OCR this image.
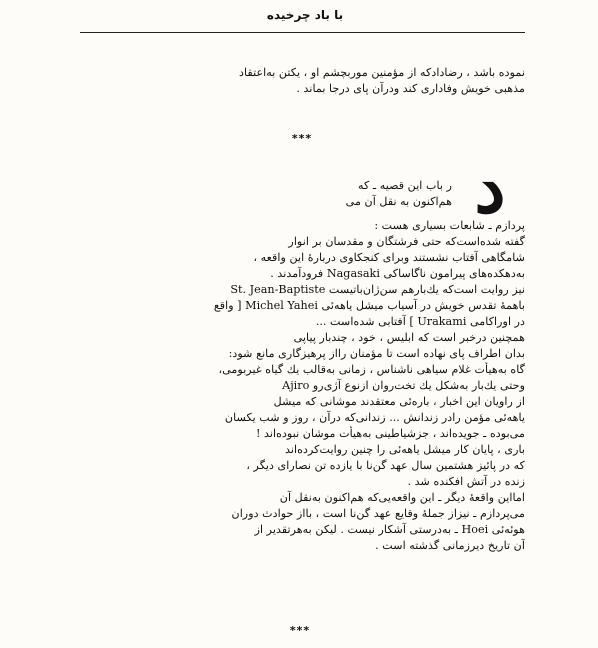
با باد چرخیده
نموده باشد ، رضادادکه از مؤمنین موربچشم او ، یکتن بەاعتقاد
مذهبی خویش وفاداری کند ودرآن پای درجا بماند .
***
د
ر باب این قصیه ـ که
هم‌اکنون به نقل آن می
پردازم ـ شابعات بسیاری هست :
گفته شده‌است‌که حتی فرشتگان و مقدسان بر انوار
شامگاهی آفتاب نشستند وبرای کنجکاوی دربارهٔ این واقعه ،
بەدهکده‌های پیرامون ناگاساکی Nagasaki فرودآمدند .
نیز روایت است‌که یك‌بارهم سن‌ژان‌باتیست St. Jean-Baptiste
باهمهٔ تقدس خویش در آسیاب میشل یاهەئی Michel Yahei [ واقع
در اوراکامی Urakami ] آفتابی شده‌است ...
همچنین درخبر است که ابلیس ، خود ، چندبار پیاپی
بدان اطراف پای نهاده است تا مؤمنان رااز پرهیزگاری مانع شود:
گاه بەهیأت غلام سیاهی ناشناس ، زمانی بەقالب یك گیاه غیربومی،
وحتی یك‌بار بەشکل یك تخت‌روان ازنوع آژی‌رو Ajiro
از راویان این اخبار ، بارەئی معتقدند موشانی که میشل
یاهەئی مؤمن رادر زندانش ... زندانی‌که درآن ، روز و شب یکسان
می‌بوده ـ جویده‌اند ، جزشیاطینی بەهیأت موشان نبوده‌اند !
باری ، پایان کار میشل یاهەئی را چنین روایت‌کرده‌اند
که در پائیز هشتمین سال عهد گن‌نا با یازده تن نصارای دیگر ،
زنده در آتش افکنده شد .
امااین واقعهٔ دیگر ـ این واقعه‌یی‌که هم‌اکنون بەنقل آن
می‌پردازم ـ نیزاز جملهٔ وقایع عهد گن‌نا است ، بااز حوادث دوران
هوئەئی Hoei ـ بەدرستی آشکار نیست . لیکن بەهرتقدیر از
آن تاریخ دیرزمانی گذشته است .
***
